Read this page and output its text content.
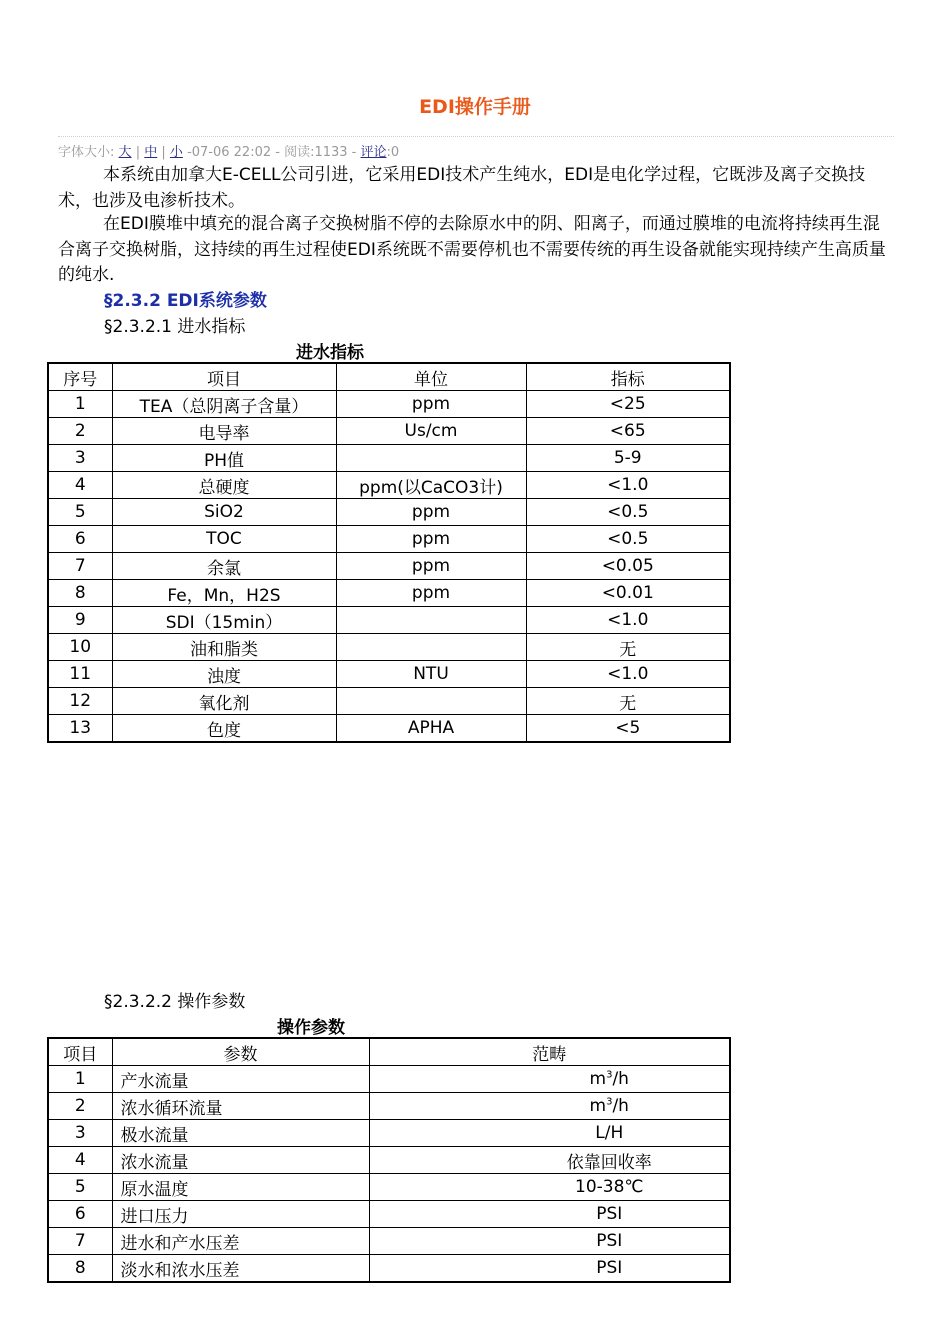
EDI操作手册
字体大小: 大 | 中 | 小 -07-06 22:02 - 阅读:1133 - 评论:0

本系统由加拿大E-CELL公司引进，它采用EDI技术产生纯水，EDI是电化学过程，它既涉及离子交换技术，也涉及电渗析技术。

在EDI膜堆中填充的混合离子交换树脂不停的去除原水中的阴、阳离子，而通过膜堆的电流将持续再生混合离子交换树脂，这持续的再生过程使EDI系统既不需要停机也不需要传统的再生设备就能实现持续产生高质量的纯水.

§2.3.2 EDI系统参数
§2.3.2.1 进水指标
进水指标
序号	项目	单位	指标
1	TEA（总阴离子含量）	ppm	<25
2	电导率	Us/cm	<65
3	PH值		5-9
4	总硬度	ppm(以CaCO3计)	<1.0
5	SiO2	ppm	<0.5
6	TOC	ppm	<0.5
7	余氯	ppm	<0.05
8	Fe，Mn，H2S	ppm	<0.01
9	SDI（15min）		<1.0
10	油和脂类		无
11	浊度	NTU	<1.0
12	氧化剂		无
13	色度	APHA	<5
§2.3.2.2 操作参数
操作参数
项目	参数	范畴
1	产水流量	$m^3/h$
2	浓水循环流量	$m^3/h$
3	极水流量	L/H
4	浓水流量	依靠回收率
5	原水温度	10-38℃
6	进口压力	PSI
7	进水和产水压差	PSI
8	淡水和浓水压差	PSI
